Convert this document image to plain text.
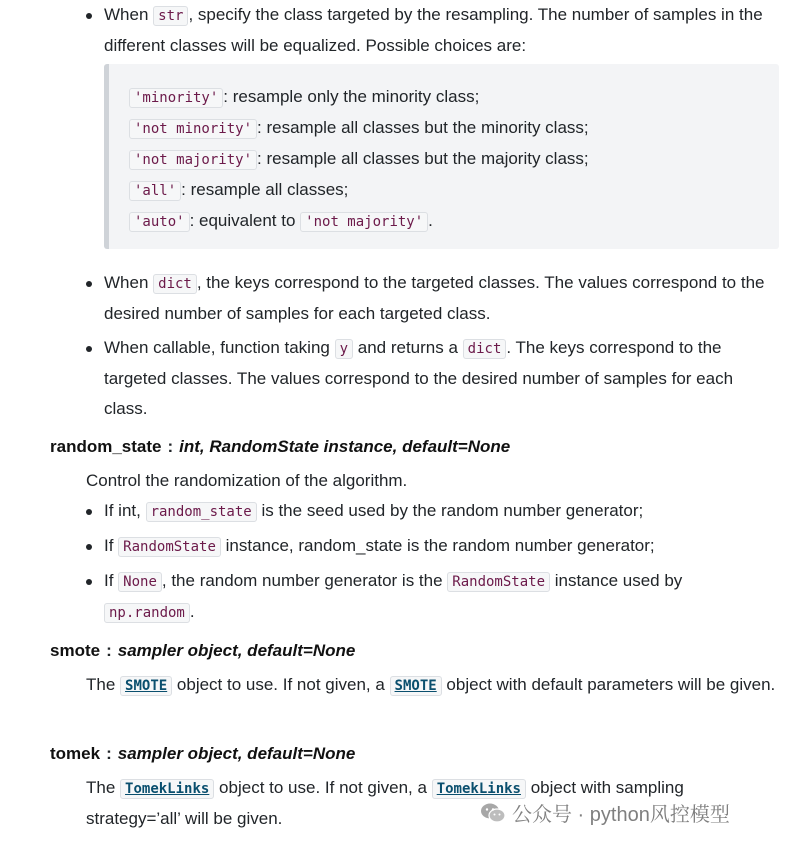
When str , specify the class targeted by the resampling. The number of samples in the different classes will be equalized. Possible choices are:
'minority' : resample only the minority class;
'not minority' : resample all classes but the minority class;
'not majority' : resample all classes but the majority class;
'all' : resample all classes;
'auto' : equivalent to 'not majority' .
When dict , the keys correspond to the targeted classes. The values correspond to the desired number of samples for each targeted class.
When callable, function taking y and returns a dict . The keys correspond to the targeted classes. The values correspond to the desired number of samples for each class.
random_state : int, RandomState instance, default=None
Control the randomization of the algorithm.
If int, random_state is the seed used by the random number generator;
If RandomState instance, random_state is the random number generator;
If None , the random number generator is the RandomState instance used by np.random .
smote : sampler object, default=None
The SMOTE object to use. If not given, a SMOTE object with default parameters will be given.
tomek : sampler object, default=None
The TomekLinks object to use. If not given, a TomekLinks object with sampling strategy=’all’ will be given.	公众号 · python风控模型
